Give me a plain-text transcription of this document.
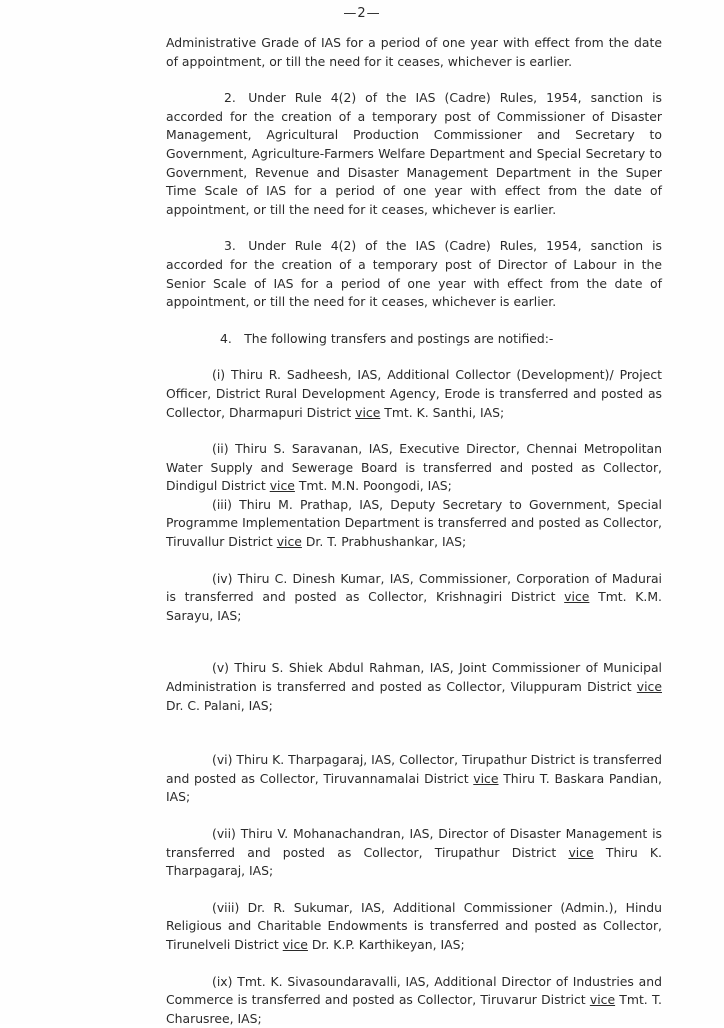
—2—

Administrative Grade of IAS for a period of one year with effect from the date of appointment, or till the need for it ceases, whichever is earlier.

2. Under Rule 4(2) of the IAS (Cadre) Rules, 1954, sanction is accorded for the creation of a temporary post of Commissioner of Disaster Management, Agricultural Production Commissioner and Secretary to Government, Agriculture-Farmers Welfare Department and Special Secretary to Government, Revenue and Disaster Management Department in the Super Time Scale of IAS for a period of one year with effect from the date of appointment, or till the need for it ceases, whichever is earlier.

3. Under Rule 4(2) of the IAS (Cadre) Rules, 1954, sanction is accorded for the creation of a temporary post of Director of Labour in the Senior Scale of IAS for a period of one year with effect from the date of appointment, or till the need for it ceases, whichever is earlier.

4. The following transfers and postings are notified:-

(i) Thiru R. Sadheesh, IAS, Additional Collector (Development)/ Project Officer, District Rural Development Agency, Erode is transferred and posted as Collector, Dharmapuri District vice Tmt. K. Santhi, IAS;

(ii) Thiru S. Saravanan, IAS, Executive Director, Chennai Metropolitan Water Supply and Sewerage Board is transferred and posted as Collector, Dindigul District vice Tmt. M.N. Poongodi, IAS;

(iii) Thiru M. Prathap, IAS, Deputy Secretary to Government, Special Programme Implementation Department is transferred and posted as Collector, Tiruvallur District vice Dr. T. Prabhushankar, IAS;

(iv) Thiru C. Dinesh Kumar, IAS, Commissioner, Corporation of Madurai is transferred and posted as Collector, Krishnagiri District vice Tmt. K.M. Sarayu, IAS;

(v) Thiru S. Shiek Abdul Rahman, IAS, Joint Commissioner of Municipal Administration is transferred and posted as Collector, Viluppuram District vice Dr. C. Palani, IAS;

(vi) Thiru K. Tharpagaraj, IAS, Collector, Tirupathur District is transferred and posted as Collector, Tiruvannamalai District vice Thiru T. Baskara Pandian, IAS;

(vii) Thiru V. Mohanachandran, IAS, Director of Disaster Management is transferred and posted as Collector, Tirupathur District vice Thiru K. Tharpagaraj, IAS;

(viii) Dr. R. Sukumar, IAS, Additional Commissioner (Admin.), Hindu Religious and Charitable Endowments is transferred and posted as Collector, Tirunelveli District vice Dr. K.P. Karthikeyan, IAS;

(ix) Tmt. K. Sivasoundaravalli, IAS, Additional Director of Industries and Commerce is transferred and posted as Collector, Tiruvarur District vice Tmt. T. Charusree, IAS;
